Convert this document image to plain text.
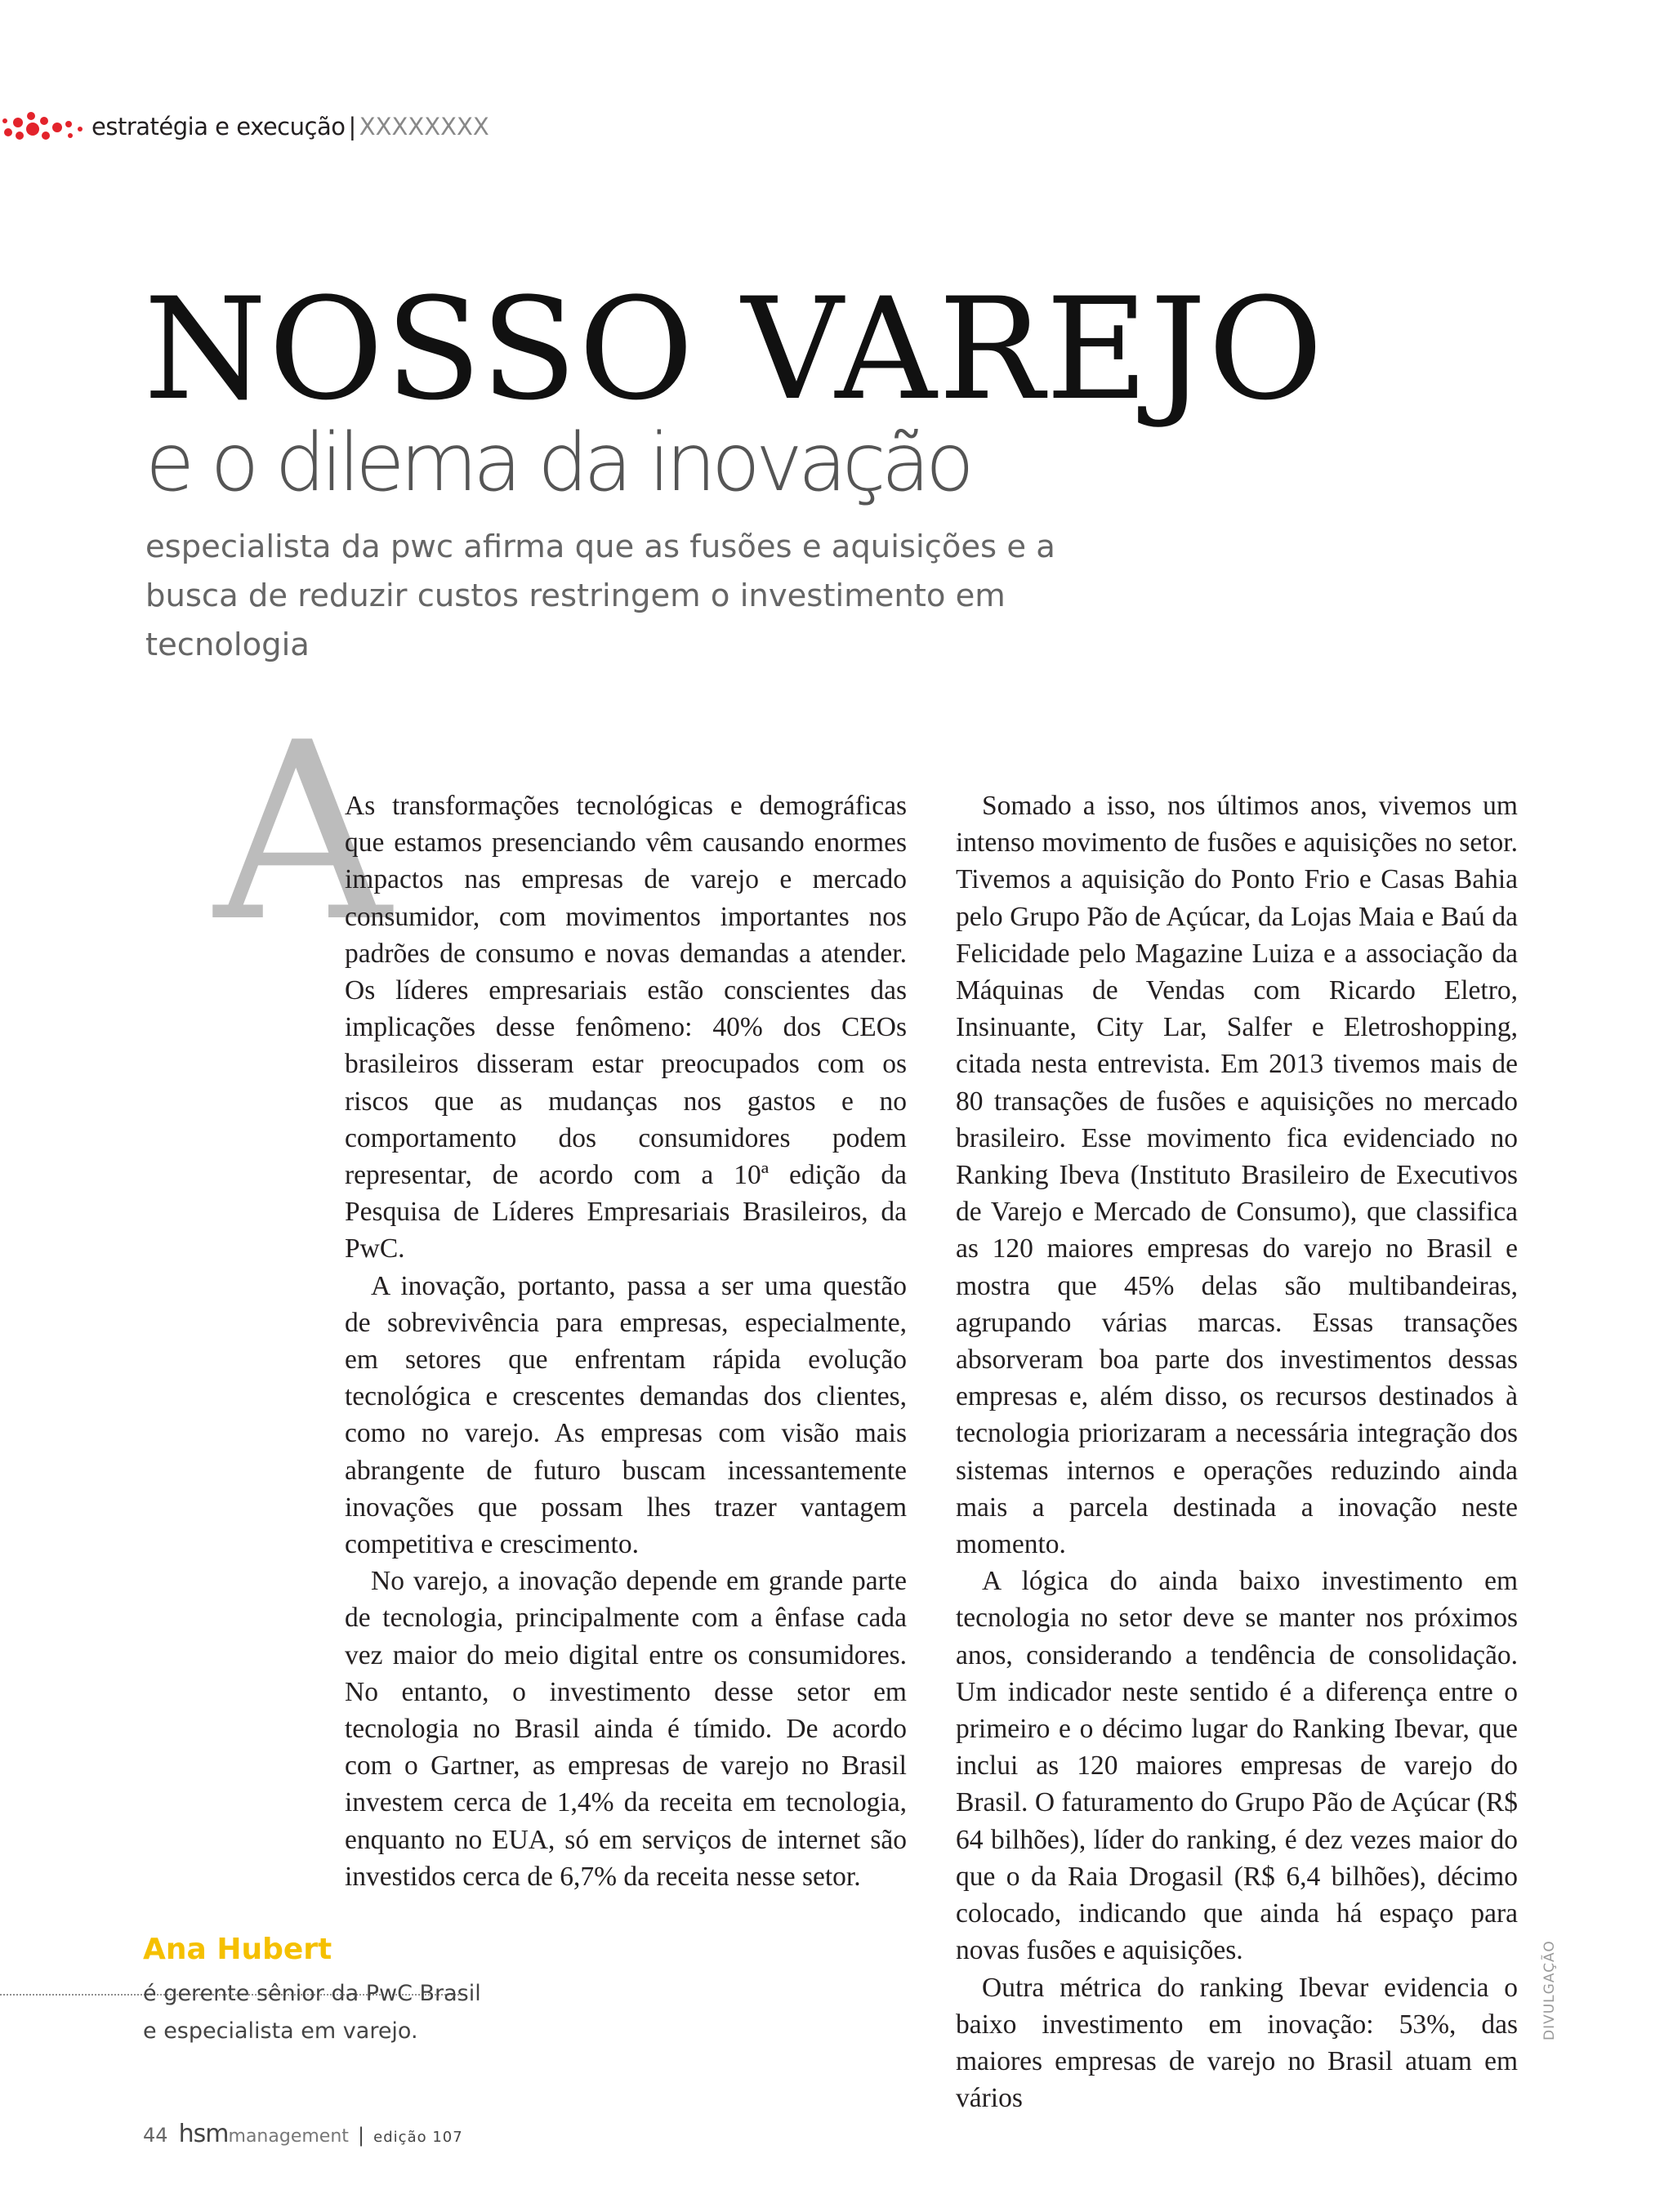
estratégia e execução | XXXXXXXX
NOSSO VAREJO
e o dilema da inovação
especialista da pwc afirma que as fusões e aquisições e a busca de reduzir custos restringem o investimento em tecnologia
A

As transformações tecnológicas e demográficas que estamos presenciando vêm causando enormes impactos nas empresas de varejo e mercado consumidor, com movimentos importantes nos padrões de consumo e novas demandas a atender. Os líderes empresariais estão conscientes das implicações desse fenômeno: 40% dos CEOs brasileiros disseram estar preocupados com os riscos que as mudanças nos gastos e no comportamento dos consumidores podem representar, de acordo com a 10ª edição da Pesquisa de Líderes Empresariais Brasileiros, da PwC.

A inovação, portanto, passa a ser uma questão de sobrevivência para empresas, especialmente, em setores que enfrentam rápida evolução tecnológica e crescentes demandas dos clientes, como no varejo. As empresas com visão mais abrangente de futuro buscam incessantemente inovações que possam lhes trazer vantagem competitiva e crescimento.

No varejo, a inovação depende em grande parte de tecnologia, principalmente com a ênfase cada vez maior do meio digital entre os consumidores. No entanto, o investimento desse setor em tecnologia no Brasil ainda é tímido. De acordo com o Gartner, as empresas de varejo no Brasil investem cerca de 1,4% da receita em tecnologia, enquanto no EUA, só em serviços de internet são investidos cerca de 6,7% da receita nesse setor.

Somado a isso, nos últimos anos, vivemos um intenso movimento de fusões e aquisições no setor. Tivemos a aquisição do Ponto Frio e Casas Bahia pelo Grupo Pão de Açúcar, da Lojas Maia e Baú da Felicidade pelo Magazine Luiza e a associação da Máquinas de Vendas com Ricardo Eletro, Insinuante, City Lar, Salfer e Eletroshopping, citada nesta entrevista. Em 2013 tivemos mais de 80 transações de fusões e aquisições no mercado brasileiro. Esse movimento fica evidenciado no Ranking Ibeva (Instituto Brasileiro de Executivos de Varejo e Mercado de Consumo), que classifica as 120 maiores empresas do varejo no Brasil e mostra que 45% delas são multibandeiras, agrupando várias marcas. Essas transações absorveram boa parte dos investimentos dessas empresas e, além disso, os recursos destinados à tecnologia priorizaram a necessária integração dos sistemas internos e operações reduzindo ainda mais a parcela destinada a inovação neste momento.

A lógica do ainda baixo investimento em tecnologia no setor deve se manter nos próximos anos, considerando a tendência de consolidação. Um indicador neste sentido é a diferença entre o primeiro e o décimo lugar do Ranking Ibevar, que inclui as 120 maiores empresas de varejo do Brasil. O faturamento do Grupo Pão de Açúcar (R$ 64 bilhões), líder do ranking, é dez vezes maior do que o da Raia Drogasil (R$ 6,4 bilhões), décimo colocado, indicando que ainda há espaço para novas fusões e aquisições.

Outra métrica do ranking Ibevar evidencia o baixo investimento em inovação: 53%, das maiores empresas de varejo no Brasil atuam em vários

Ana Hubert
é gerente sênior da PwC Brasil
e especialista em varejo.	DIVULGAÇÃO
44 hsmmanagement | edição 107
